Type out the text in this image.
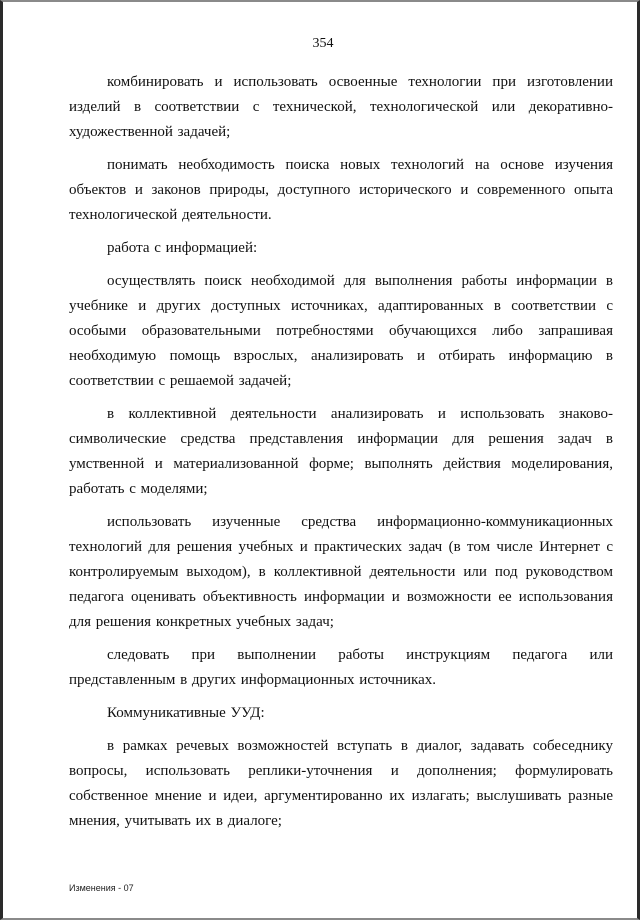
354

комбинировать и использовать освоенные технологии при изготовлении изделий в соответствии с технической, технологической или декоративно-художественной задачей;

понимать необходимость поиска новых технологий на основе изучения объектов и законов природы, доступного исторического и современного опыта технологической деятельности.

работа с информацией:

осуществлять поиск необходимой для выполнения работы информации в учебнике и других доступных источниках, адаптированных в соответствии с особыми образовательными потребностями обучающихся либо запрашивая необходимую помощь взрослых, анализировать и отбирать информацию в соответствии с решаемой задачей;

в коллективной деятельности анализировать и использовать знаково-символические средства представления информации для решения задач в умственной и материализованной форме; выполнять действия моделирования, работать с моделями;

использовать изученные средства информационно-коммуникационных технологий для решения учебных и практических задач (в том числе Интернет с контролируемым выходом), в коллективной деятельности или под руководством педагога оценивать объективность информации и возможности ее использования для решения конкретных учебных задач;

следовать при выполнении работы инструкциям педагога или представленным в других информационных источниках.

Коммуникативные УУД:

в рамках речевых возможностей вступать в диалог, задавать собеседнику вопросы, использовать реплики-уточнения и дополнения; формулировать собственное мнение и идеи, аргументированно их излагать; выслушивать разные мнения, учитывать их в диалоге;

Изменения - 07
